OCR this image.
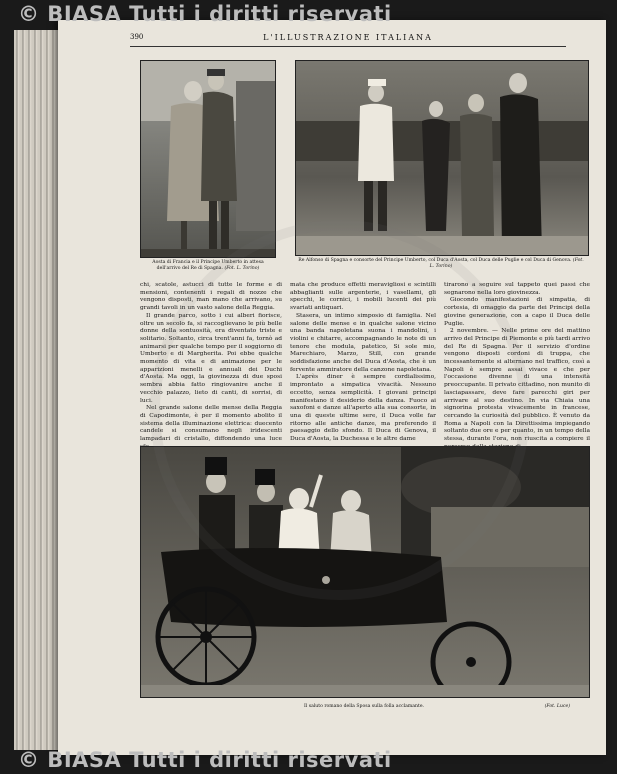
© BIASA Tutti i diritti riservati
390	L'ILLUSTRAZIONE ITALIANA
Aosta di Francia e il Principe Umberto in attesa dell'arrivo del Re di Spagna. (Fot. L. Torino)
Re Alfonso di Spagna e consorte del Principe Umberto, col Duca d'Aosta, col Duca delle Puglie e col Duca di Genova. (Fot. L. Torino)

chi, scatole, astucci di tutte le forme e di mensioni, contenenti i regali di nozze che vengono disposti, man mano che arrivano, su grandi tavoli in un vasto salone della Reggia.

Il grande parco, sotto i cui alberi fiorisce, oltre un secolo fa, si raccoglievano le più belle donne della sontuosità, era diventato triste e solitario. Soltanto, circa trent'anni fa, tornò ad animarsi per qualche tempo per il soggiorno di Umberto e di Margherita. Poi ebbe qualche momento di vita e di animazione per le apparizioni menelli e annuali dei Duchi d'Aosta. Ma oggi, la giovinezza di due sposi sembra abbia fatto ringiovanire anche il vecchio palazzo, lieto di canti, di sorrisi, di luci.

Nel grande salone delle mense della Reggia di Capodimonte, è per il momento abolito il sistema della illuminazione elettrica: duecento candele si consumano negli iridescenti lampadari di cristallo, diffondendo una luce

mata che produce effetti meravigliosi e scintilli abbaglianti sulle argenterie, i vasellami, gli specchi, le cornici, i mobili lucenti dei più svariati antiquari.

Stasera, un intimo simposio di famiglia. Nel salone delle mense e in qualche salone vicino una banda napoletana suona i mandolini, i violini e chitarre, accompagnando le note di un tenore che modula, patetico, Si sole mio, Marechiaro, Marzo, Still, con grande soddisfazione anche del Duca d'Aosta, che è un fervente ammiratore della canzone napoletana.

L'après diner è sempre cordialissimo, improntato a simpatica vivacità. Nessuno eccetto, senza semplicità. I giovani principi manifestano il desiderio della danza. Fuoco ai saxofoni e danze all'aperto alla sua consorte, in una di queste ultime sere, il Duca volle far ritorno alle antiche danze, ma preferendo il paesaggio dello sfondo. Il Duca di Genova, il Duca d'Aosta, la Duchessa e le altre dame

tirarono a seguire sul tappeto quei passi che segnarono nella loro giovinezza.

Giocondo manifestazioni di simpatia, di cortesia, di omaggio da parte dei Principi della giovine generazione, con a capo il Duca delle Puglie.

2 novembre. — Nelle prime ore del mattino arrivo del Principe di Piemonte e più tardi arrivo del Re di Spagna. Per il servizio d'ordine vengono disposti cordoni di truppa, che incessantemente si alternano nel traffico, così a Napoli è sempre assai vivace e che per l'occasione divenne di una intensità preoccupante. Il privato cittadino, non munito di lasciapassare, deve fare parecchi giri per arrivare al suo destino. In via Chiaia una signorina protesta vivacemente in francese, cercando la curiosità del pubblico. È venuto da Roma a Napoli con la Direttissima impiegando soltanto due ore e per quanto, in un tempo della stessa, durante l'ora, non riuscita a compiere il

Il saluto romano della Sposa sulla folla acclamante.	(Fot. Luce)
© BIASA Tutti i diritti riservati
